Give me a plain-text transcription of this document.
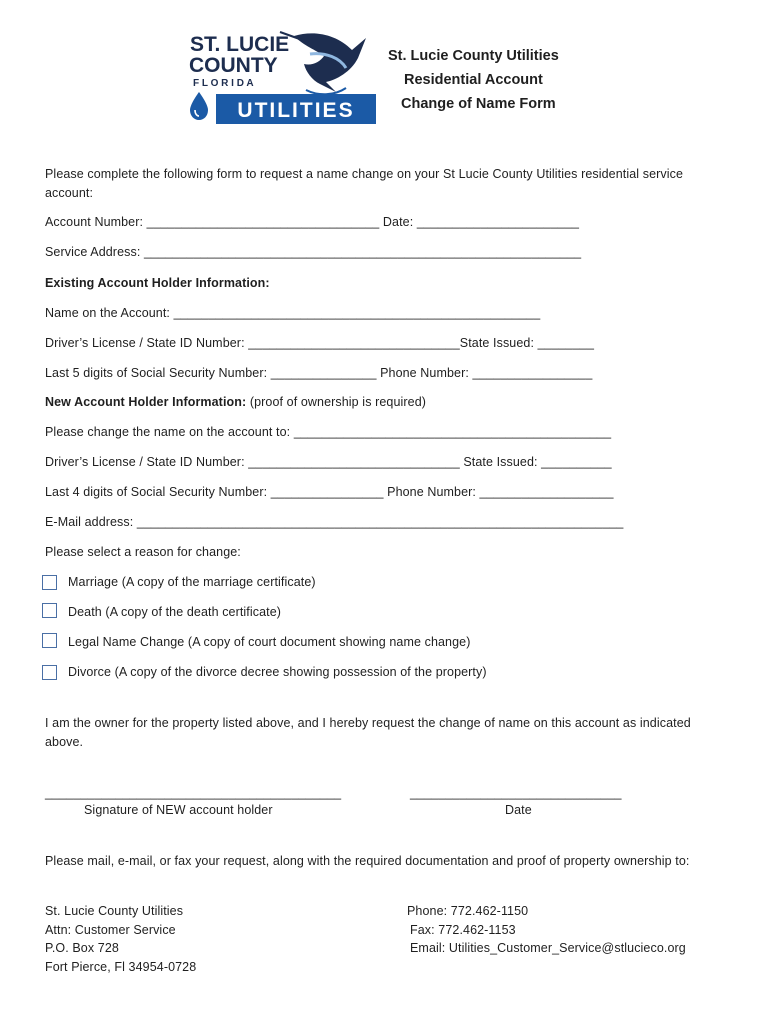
ST. LUCIE
COUNTY
F L O R I D A
UTILITIES
St. Lucie County Utilities
Residential Account
Change of Name Form
Please complete the following form to request a name change on your St Lucie County Utilities residential service account:
Account Number: _________________________________ Date: _______________________
Service Address: ______________________________________________________________
Existing Account Holder Information:
Name on the Account: ____________________________________________________
Driver’s License / State ID Number: ______________________________State Issued: ________
Last 5 digits of Social Security Number: _______________ Phone Number: _________________
New Account Holder Information: (proof of ownership is required)
Please change the name on the account to: _____________________________________________
Driver’s License / State ID Number: ______________________________ State Issued: __________
Last 4 digits of Social Security Number: ________________ Phone Number: ___________________
E-Mail address: _____________________________________________________________________
Please select a reason for change:
Marriage (A copy of the marriage certificate)
Death (A copy of the death certificate)
Legal Name Change (A copy of court document showing name change)
Divorce (A copy of the divorce decree showing possession of the property)
I am the owner for the property listed above, and I hereby request the change of name on this account as indicated above.
__________________________________________	______________________________
Signature of NEW account holder	Date
Please mail, e-mail, or fax your request, along with the required documentation and proof of property ownership to:
St. Lucie County Utilities
Attn: Customer Service
P.O. Box 728
Fort Pierce, Fl 34954-0728
Phone: 772.462-1150
Fax: 772.462-1153
Email: Utilities_Customer_Service@stlucieco.org
